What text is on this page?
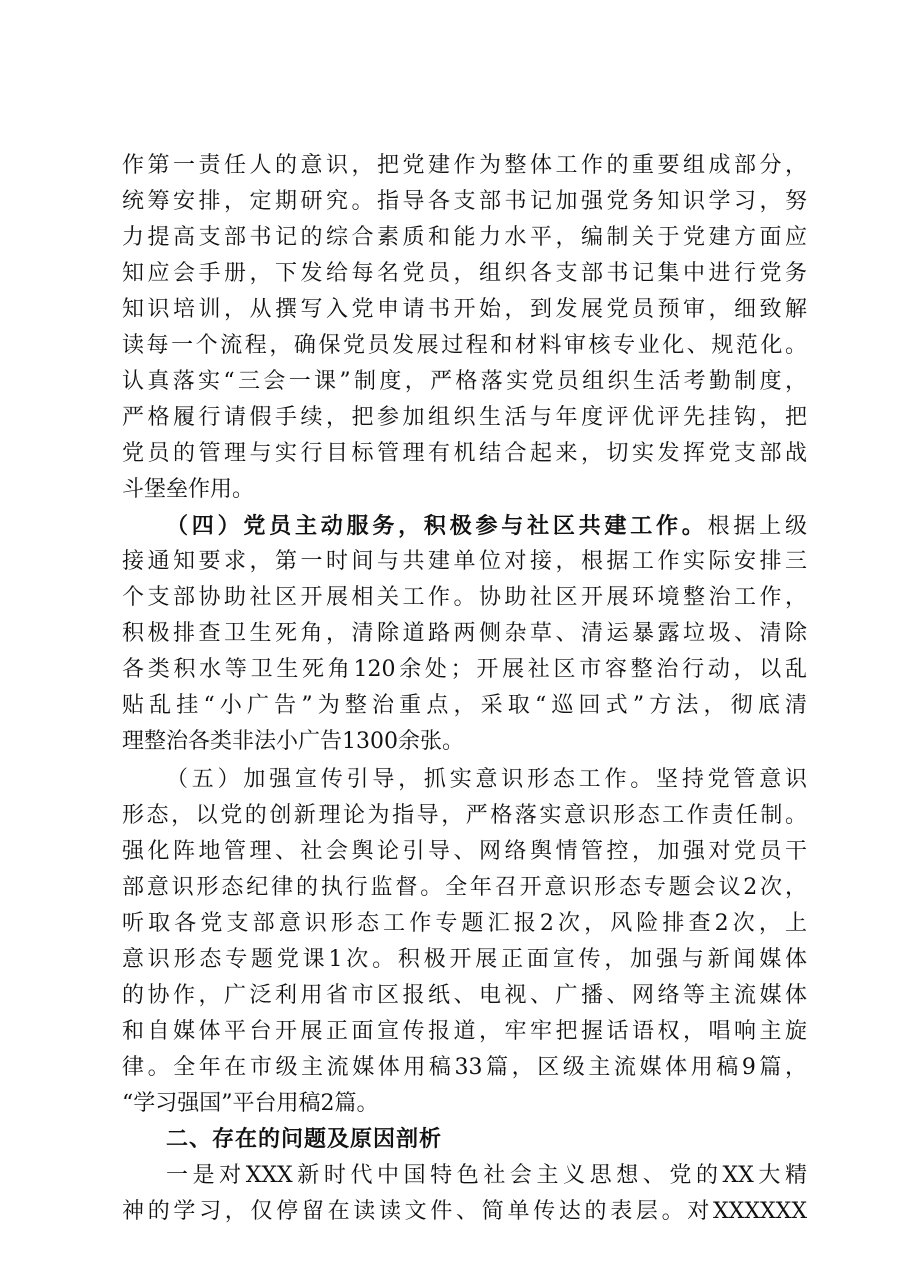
作第一责任人的意识，把党建作为整体工作的重要组成部分，
统筹安排，定期研究。指导各支部书记加强党务知识学习，努
力提高支部书记的综合素质和能力水平，编制关于党建方面应
知应会手册，下发给每名党员，组织各支部书记集中进行党务
知识培训，从撰写入党申请书开始，到发展党员预审，细致解
读每一个流程，确保党员发展过程和材料审核专业化、规范化。
认真落实“三会一课”制度，严格落实党员组织生活考勤制度，
严格履行请假手续，把参加组织生活与年度评优评先挂钩，把
党员的管理与实行目标管理有机结合起来，切实发挥党支部战
斗堡垒作用。
（四）党员主动服务，积极参与社区共建工作。根据上级
接通知要求，第一时间与共建单位对接，根据工作实际安排三
个支部协助社区开展相关工作。协助社区开展环境整治工作，
积极排查卫生死角，清除道路两侧杂草、清运暴露垃圾、清除
各类积水等卫生死角120余处；开展社区市容整治行动，以乱
贴乱挂“小广告”为整治重点，采取“巡回式”方法，彻底清
理整治各类非法小广告1300余张。
（五）加强宣传引导，抓实意识形态工作。坚持党管意识
形态，以党的创新理论为指导，严格落实意识形态工作责任制。
强化阵地管理、社会舆论引导、网络舆情管控，加强对党员干
部意识形态纪律的执行监督。全年召开意识形态专题会议2次，
听取各党支部意识形态工作专题汇报2次，风险排查2次，上
意识形态专题党课1次。积极开展正面宣传，加强与新闻媒体
的协作，广泛利用省市区报纸、电视、广播、网络等主流媒体
和自媒体平台开展正面宣传报道，牢牢把握话语权，唱响主旋
律。全年在市级主流媒体用稿33篇，区级主流媒体用稿9篇，
“学习强国”平台用稿2篇。
二、存在的问题及原因剖析
一是对XXX新时代中国特色社会主义思想、党的XX大精
神的学习，仅停留在读读文件、简单传达的表层。对XXXXXX
